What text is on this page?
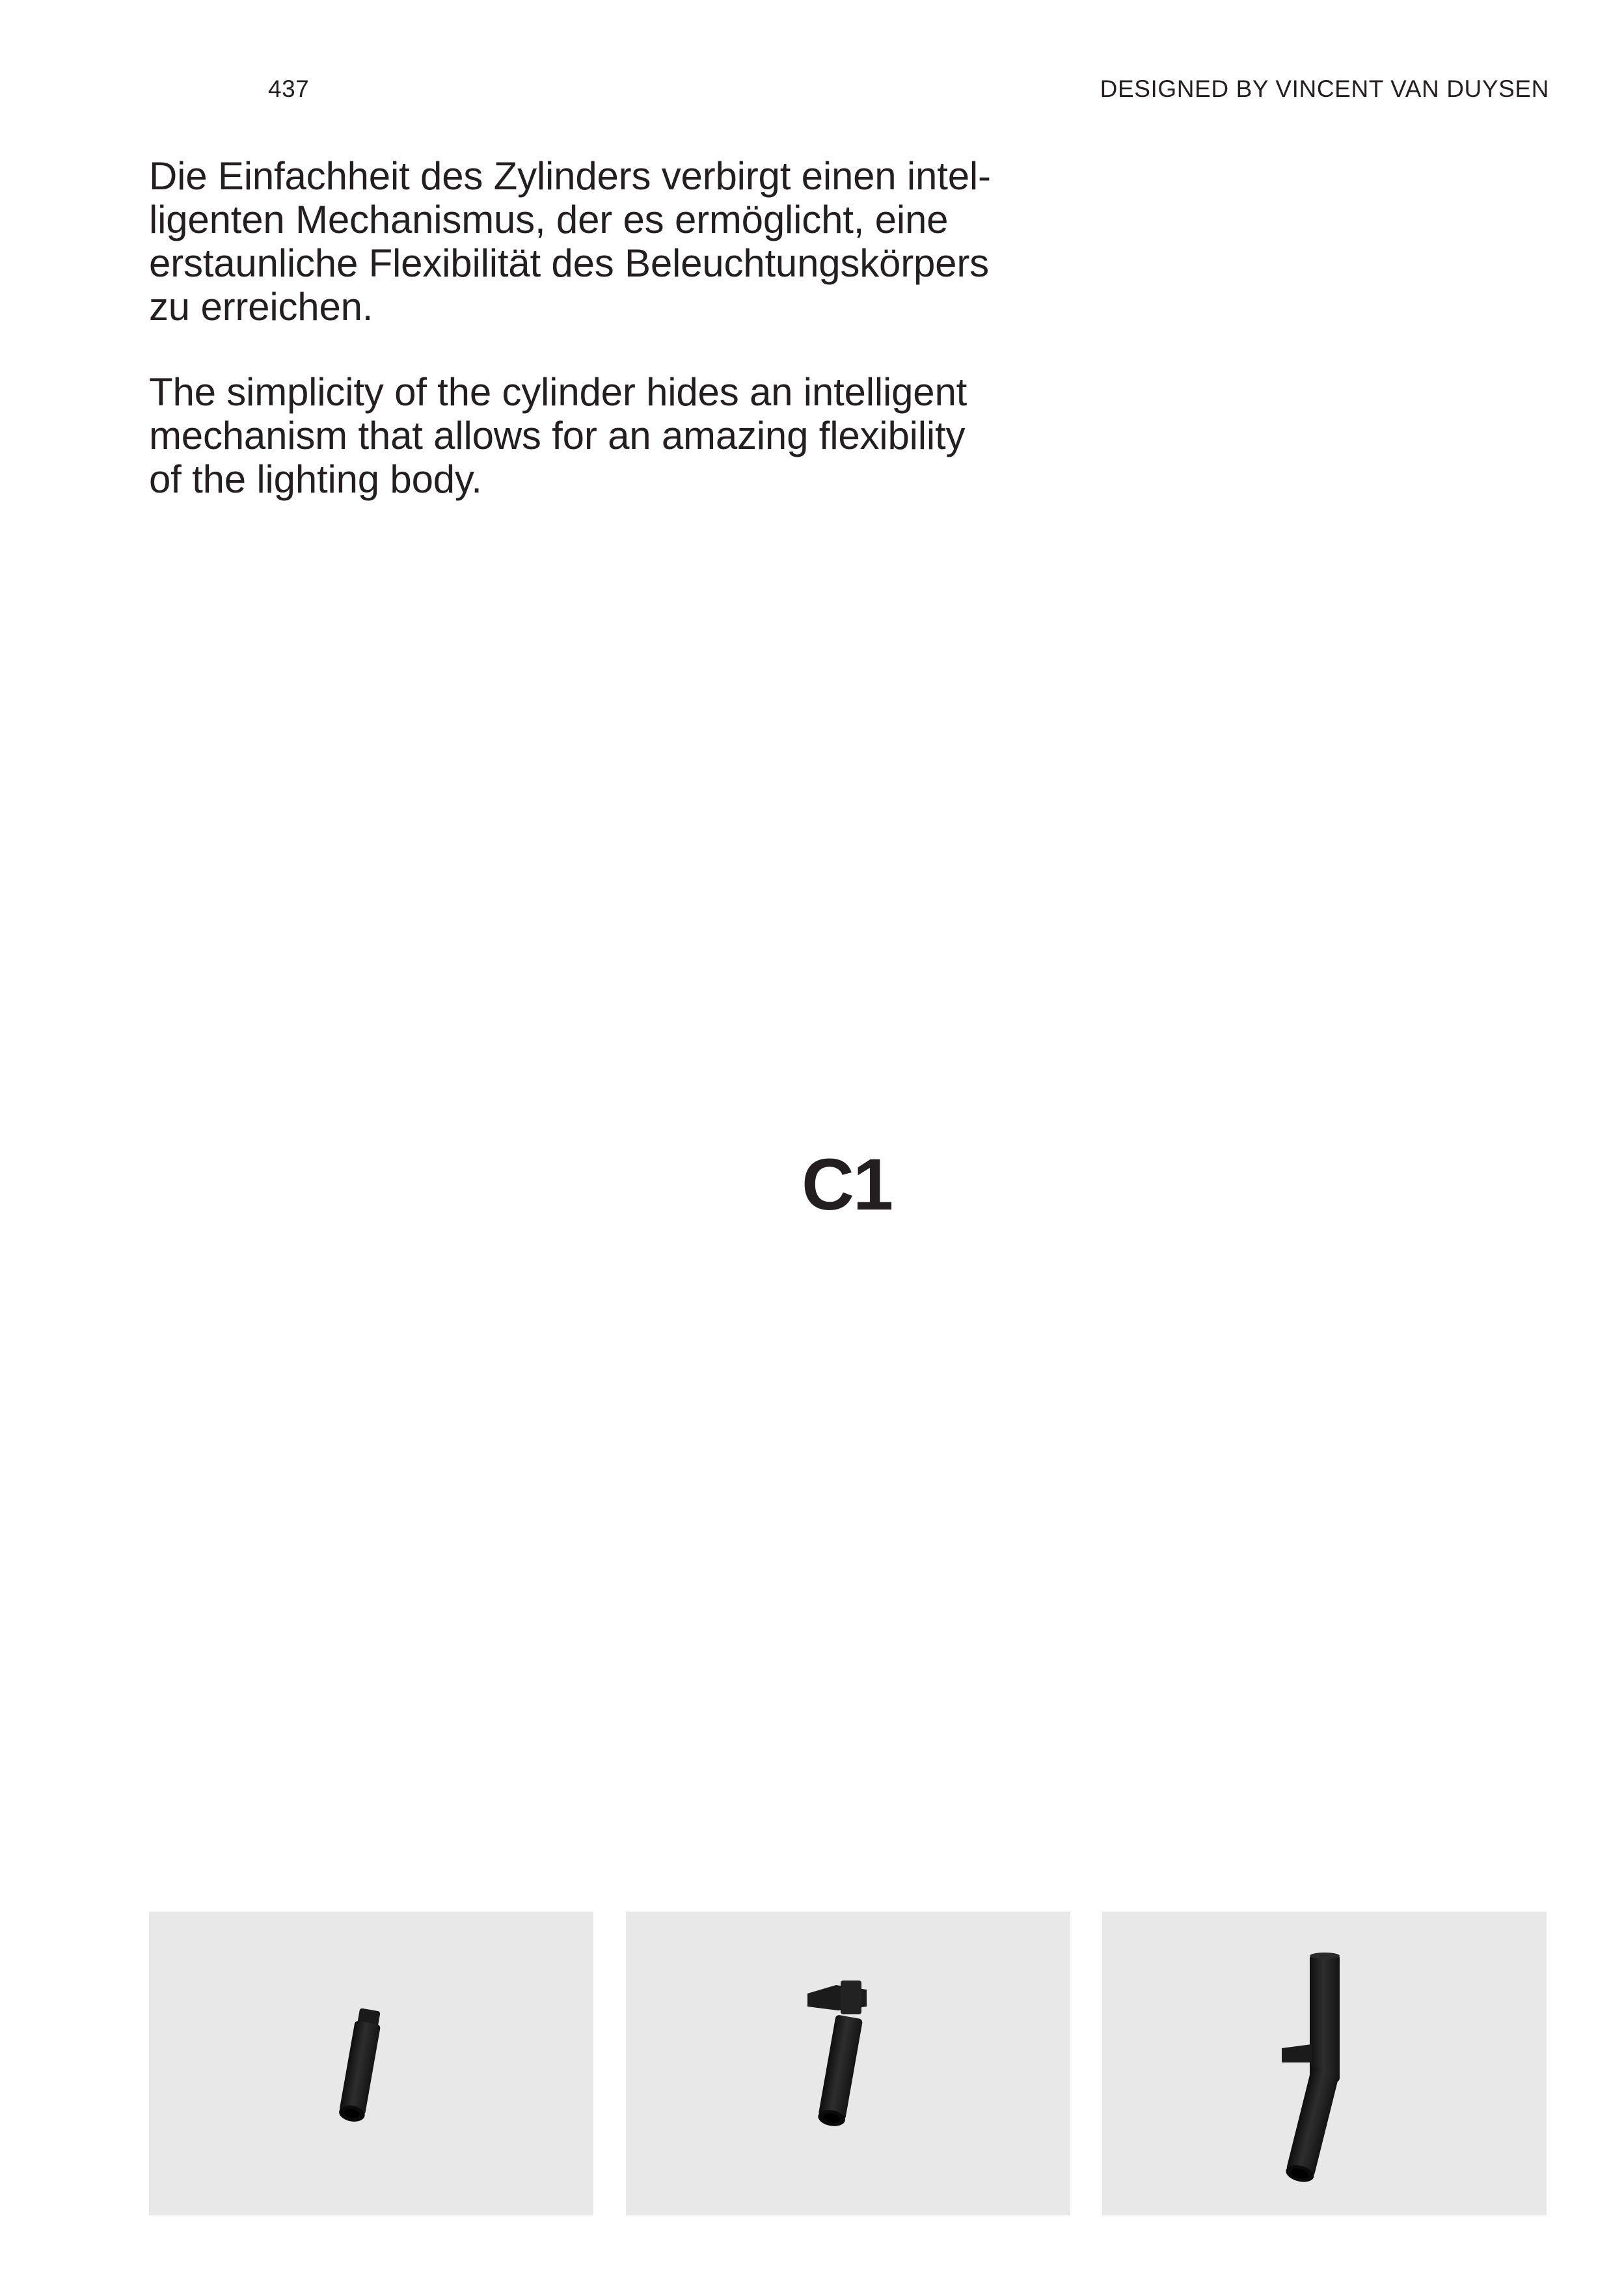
437	DESIGNED BY VINCENT VAN DUYSEN

Die Einfachheit des Zylinders verbirgt einen intel-
ligenten Mechanismus, der es ermöglicht, eine
erstaunliche Flexibilität des Beleuchtungskörpers
zu erreichen.

The simplicity of the cylinder hides an intelligent
mechanism that allows for an amazing flexibility
of the lighting body.

C1
